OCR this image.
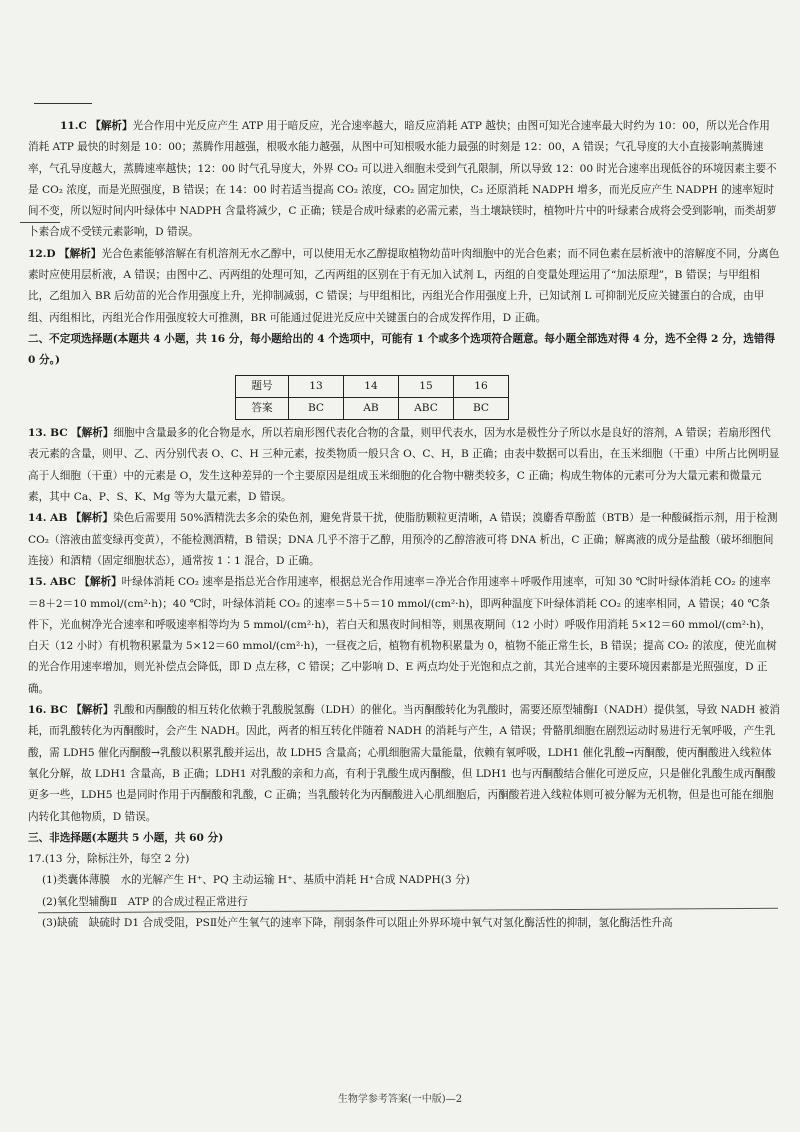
11.C 【解析】光合作用中光反应产生 ATP 用于暗反应，光合速率越大，暗反应消耗 ATP 越快；由图可知光合速率最大时约为 10：00，所以光合作用消耗 ATP 最快的时刻是 10：00；蒸腾作用越强，根吸水能力越强，从图中可知根吸水能力最强的时刻是 12：00，A 错误；气孔导度的大小直接影响蒸腾速率，气孔导度越大，蒸腾速率越快；12：00 时气孔导度大，外界 CO₂ 可以进入细胞未受到气孔限制，所以导致 12：00 时光合速率出现低谷的环境因素主要不是 CO₂ 浓度，而是光照强度，B 错误；在 14：00 时若适当提高 CO₂ 浓度，CO₂ 固定加快，C₃ 还原消耗 NADPH 增多，而光反应产生 NADPH 的速率短时间不变，所以短时间内叶绿体中 NADPH 含量将减少，C 正确；镁是合成叶绿素的必需元素，当土壤缺镁时，植物叶片中的叶绿素合成将会受到影响，而类胡萝卜素合成不受镁元素影响，D 错误。

12.D 【解析】光合色素能够溶解在有机溶剂无水乙醇中，可以使用无水乙醇提取植物幼苗叶肉细胞中的光合色素；而不同色素在层析液中的溶解度不同，分离色素时应使用层析液，A 错误；由图中乙、丙两组的处理可知，乙丙两组的区别在于有无加入试剂 L，丙组的自变量处理运用了“加法原理”，B 错误；与甲组相比，乙组加入 BR 后幼苗的光合作用强度上升，光抑制减弱，C 错误；与甲组相比，丙组光合作用强度上升，已知试剂 L 可抑制光反应关键蛋白的合成，由甲组、丙组相比，丙组光合作用强度较大可推测，BR 可能通过促进光反应中关键蛋白的合成发挥作用，D 正确。

二、不定项选择题(本题共 4 小题，共 16 分，每小题给出的 4 个选项中，可能有 1 个或多个选项符合题意。每小题全部选对得 4 分，选不全得 2 分，选错得 0 分。)

题号	13	14	15	16
答案	BC	AB	ABC	BC

13. BC 【解析】细胞中含量最多的化合物是水，所以若扇形图代表化合物的含量，则甲代表水，因为水是极性分子所以水是良好的溶剂，A 错误；若扇形图代表元素的含量，则甲、乙、丙分别代表 O、C、H 三种元素，按类物质一般只含 O、C、H，B 正确；由表中数据可以看出，在玉米细胞（干重）中所占比例明显高于人细胞（干重）中的元素是 O，发生这种差异的一个主要原因是组成玉米细胞的化合物中糖类较多，C 正确；构成生物体的元素可分为大量元素和微量元素，其中 Ca、P、S、K、Mg 等为大量元素，D 错误。

14. AB 【解析】染色后需要用 50%酒精洗去多余的染色剂，避免背景干扰，使脂肪颗粒更清晰，A 错误；溴麝香草酚蓝（BTB）是一种酸碱指示剂，用于检测 CO₂（溶液由蓝变绿再变黄），不能检测酒精，B 错误；DNA 几乎不溶于乙醇，用预冷的乙醇溶液可将 DNA 析出，C 正确；解离液的成分是盐酸（破坏细胞间连接）和酒精（固定细胞状态），通常按 1∶1 混合，D 正确。

15. ABC 【解析】叶绿体消耗 CO₂ 速率是指总光合作用速率，根据总光合作用速率＝净光合作用速率＋呼吸作用速率，可知 30 ℃时叶绿体消耗 CO₂ 的速率＝8＋2＝10 mmol/(cm²·h)；40 ℃时，叶绿体消耗 CO₂ 的速率＝5＋5＝10 mmol/(cm²·h)，即两种温度下叶绿体消耗 CO₂ 的速率相同，A 错误；40 ℃条件下，光血树净光合速率和呼吸速率相等均为 5 mmol/(cm²·h)，若白天和黑夜时间相等，则黑夜期间（12 小时）呼吸作用消耗 5×12＝60 mmol/(cm²·h)，白天（12 小时）有机物积累量为 5×12＝60 mmol/(cm²·h)，一昼夜之后，植物有机物积累量为 0，植物不能正常生长，B 错误；提高 CO₂ 的浓度，使光血树的光合作用速率增加，则光补偿点会降低，即 D 点左移，C 错误；乙中影响 D、E 两点均处于光饱和点之前，其光合速率的主要环境因素都是光照强度，D 正确。

16. BC 【解析】乳酸和丙酮酸的相互转化依赖于乳酸脱氢酶（LDH）的催化。当丙酮酸转化为乳酸时，需要还原型辅酶Ⅰ（NADH）提供氢，导致 NADH 被消耗，而乳酸转化为丙酮酸时，会产生 NADH。因此，两者的相互转化伴随着 NADH 的消耗与产生，A 错误；骨骼肌细胞在剧烈运动时易进行无氧呼吸，产生乳酸，需 LDH5 催化丙酮酸→乳酸以积累乳酸并运出，故 LDH5 含量高；心肌细胞需大量能量，依赖有氧呼吸，LDH1 催化乳酸→丙酮酸，使丙酮酸进入线粒体氧化分解，故 LDH1 含量高，B 正确；LDH1 对乳酸的亲和力高，有利于乳酸生成丙酮酸，但 LDH1 也与丙酮酸结合催化可逆反应，只是催化乳酸生成丙酮酸更多一些，LDH5 也是同时作用于丙酮酸和乳酸，C 正确；当乳酸转化为丙酮酸进入心肌细胞后，丙酮酸若进入线粒体则可被分解为无机物，但是也可能在细胞内转化其他物质，D 错误。

三、非选择题(本题共 5 小题，共 60 分)

17.(13 分，除标注外，每空 2 分)

(1)类囊体薄膜　水的光解产生 H⁺、PQ 主动运输 H⁺、基质中消耗 H⁺合成 NADPH(3 分)

(2)氧化型辅酶Ⅱ　ATP 的合成过程正常进行

(3)缺硫　缺硫时 D1 合成受阻，PSⅡ处产生氧气的速率下降，削弱条件可以阻止外界环境中氧气对氢化酶活性的抑制，氢化酶活性升高

生物学参考答案(一中版)—2
